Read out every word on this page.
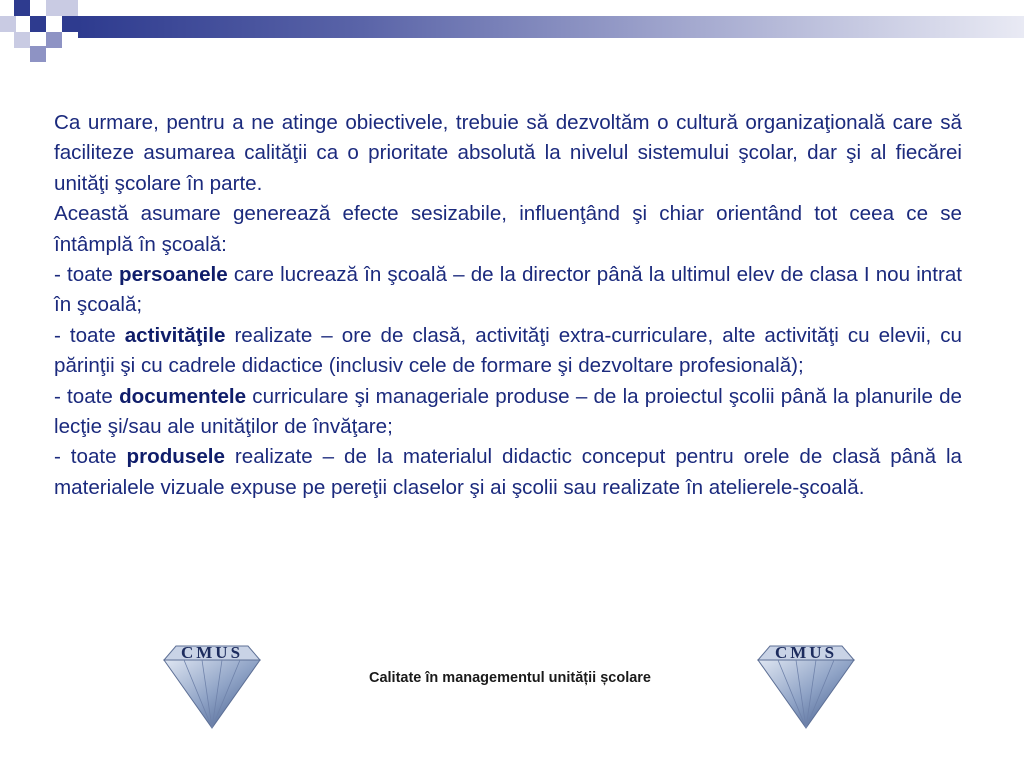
Ca urmare, pentru a ne atinge obiectivele, trebuie să dezvoltăm o cultură organizaţională care să faciliteze asumarea calităţii ca o prioritate absolută la nivelul sistemului şcolar, dar şi al fiecărei unităţi şcolare în parte.

Această asumare generează efecte sesizabile, influenţând şi chiar orientând tot ceea ce se întâmplă în şcoală:

- toate persoanele care lucrează în şcoală – de la director până la ultimul elev de clasa I nou intrat în şcoală;

- toate activităţile realizate – ore de clasă, activităţi extra-curriculare, alte activităţi cu elevii, cu părinţii şi cu cadrele didactice (inclusiv cele de formare şi dezvoltare profesională);

- toate documentele curriculare şi manageriale produse – de la proiectul şcolii până la planurile de lecţie şi/sau ale unităţilor de învăţare;

- toate produsele realizate – de la materialul didactic conceput pentru orele de clasă până la materialele vizuale expuse pe pereţii claselor şi ai şcolii sau realizate în atelierele-şcoală.

CMUS
Calitate în managementul unității școlare
CMUS
